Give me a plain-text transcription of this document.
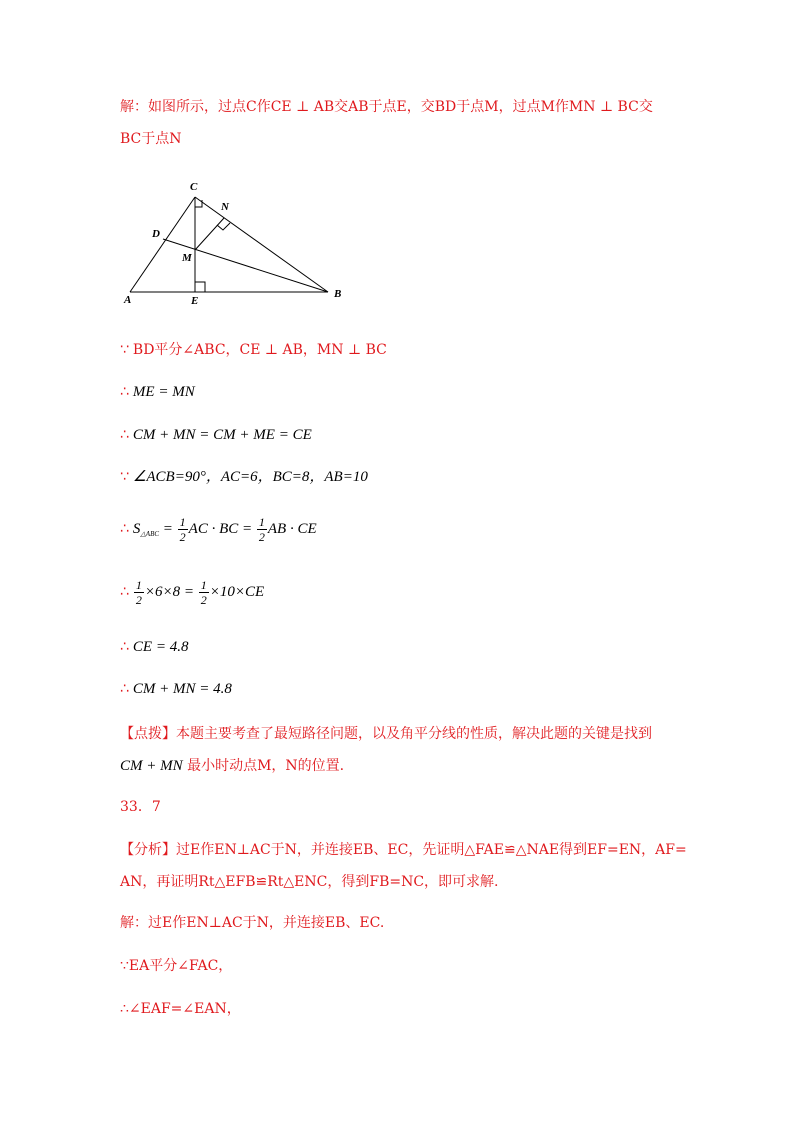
解：如图所示，过点C作CE ⊥ AB交AB于点E，交BD于点M，过点M作MN ⊥ BC交
BC于点N
C
N
D
M
A	E
B
∵ BD平分∠ABC，CE ⊥ AB，MN ⊥ BC
∴ ME = MN
∴ CM + MN = CM + ME = CE
∵ ∠ACB=90°，AC=6，BC=8，AB=10
∴ $S_{\triangle ABC} = \frac{1}{2}$ AC · BC = $\frac{1}{2}$ AB · CE
∴ $\frac{1}{2} \times 6\times 8 = \frac{1}{2} \times 10\times CE$
∴ CE = 4.8
∴ CM + MN = 4.8
【点拨】本题主要考查了最短路径问题，以及角平分线的性质，解决此题的关键是找到
CM + MN 最小时动点M，N的位置.
33．7
【分析】过E作EN⊥AC于N，并连接EB、EC，先证明△FAE≌△NAE得到EF=EN，AF=
AN，再证明Rt△EFB≌Rt△ENC，得到FB=NC，即可求解.
解：过E作EN⊥AC于N，并连接EB、EC.
∵EA平分∠FAC，
∴∠EAF=∠EAN，
